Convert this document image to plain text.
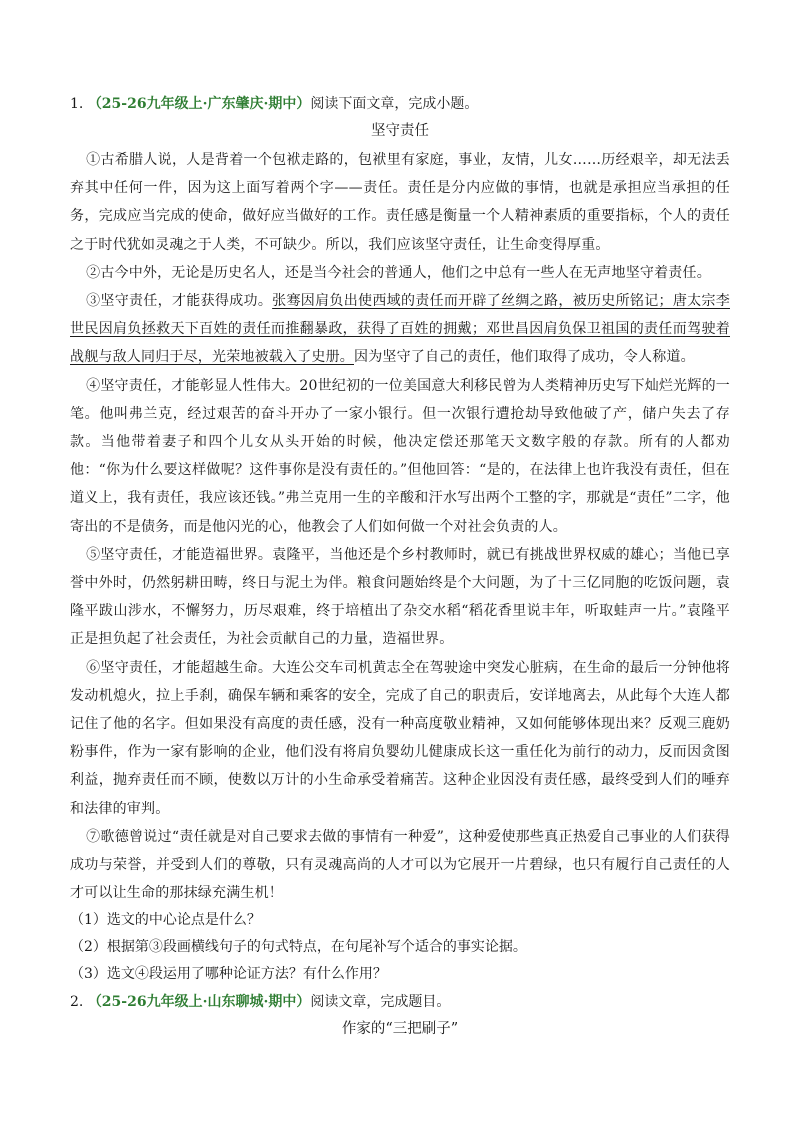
1. （25-26九年级上·广东肇庆·期中）阅读下面文章，完成小题。

坚守责任

①古希腊人说，人是背着一个包袱走路的，包袱里有家庭，事业，友情，儿女……历经艰辛，却无法丢弃其中任何一件，因为这上面写着两个字——责任。责任是分内应做的事情，也就是承担应当承担的任务，完成应当完成的使命，做好应当做好的工作。责任感是衡量一个人精神素质的重要指标，个人的责任之于时代犹如灵魂之于人类，不可缺少。所以，我们应该坚守责任，让生命变得厚重。

②古今中外，无论是历史名人，还是当今社会的普通人，他们之中总有一些人在无声地坚守着责任。

③坚守责任，才能获得成功。张骞因肩负出使西域的责任而开辟了丝绸之路，被历史所铭记；唐太宗李世民因肩负拯救天下百姓的责任而推翻暴政，获得了百姓的拥戴；邓世昌因肩负保卫祖国的责任而驾驶着战舰与敌人同归于尽，光荣地被载入了史册。因为坚守了自己的责任，他们取得了成功，令人称道。

④坚守责任，才能彰显人性伟大。20世纪初的一位美国意大利移民曾为人类精神历史写下灿烂光辉的一笔。他叫弗兰克，经过艰苦的奋斗开办了一家小银行。但一次银行遭抢劫导致他破了产，储户失去了存款。当他带着妻子和四个儿女从头开始的时候，他决定偿还那笔天文数字般的存款。所有的人都劝他：“你为什么要这样做呢？这件事你是没有责任的。”但他回答：“是的，在法律上也许我没有责任，但在道义上，我有责任，我应该还钱。”弗兰克用一生的辛酸和汗水写出两个工整的字，那就是“责任”二字，他寄出的不是债务，而是他闪光的心，他教会了人们如何做一个对社会负责的人。

⑤坚守责任，才能造福世界。袁隆平，当他还是个乡村教师时，就已有挑战世界权威的雄心；当他已享誉中外时，仍然躬耕田畴，终日与泥土为伴。粮食问题始终是个大问题，为了十三亿同胞的吃饭问题，袁隆平跋山涉水，不懈努力，历尽艰难，终于培植出了杂交水稻“稻花香里说丰年，听取蛙声一片。”袁隆平正是担负起了社会责任，为社会贡献自己的力量，造福世界。

⑥坚守责任，才能超越生命。大连公交车司机黄志全在驾驶途中突发心脏病，在生命的最后一分钟他将发动机熄火，拉上手刹，确保车辆和乘客的安全，完成了自己的职责后，安详地离去，从此每个大连人都记住了他的名字。但如果没有高度的责任感，没有一种高度敬业精神，又如何能够体现出来？反观三鹿奶粉事件，作为一家有影响的企业，他们没有将肩负婴幼儿健康成长这一重任化为前行的动力，反而因贪图利益，抛弃责任而不顾，使数以万计的小生命承受着痛苦。这种企业因没有责任感，最终受到人们的唾弃和法律的审判。

⑦歌德曾说过“责任就是对自己要求去做的事情有一种爱”，这种爱使那些真正热爱自己事业的人们获得成功与荣誉，并受到人们的尊敬，只有灵魂高尚的人才可以为它展开一片碧绿，也只有履行自己责任的人才可以让生命的那抹绿充满生机！

（1）选文的中心论点是什么？

（2）根据第③段画横线句子的句式特点，在句尾补写个适合的事实论据。

（3）选文④段运用了哪种论证方法？有什么作用？

2. （25-26九年级上·山东聊城·期中）阅读文章，完成题目。

作家的“三把刷子”
